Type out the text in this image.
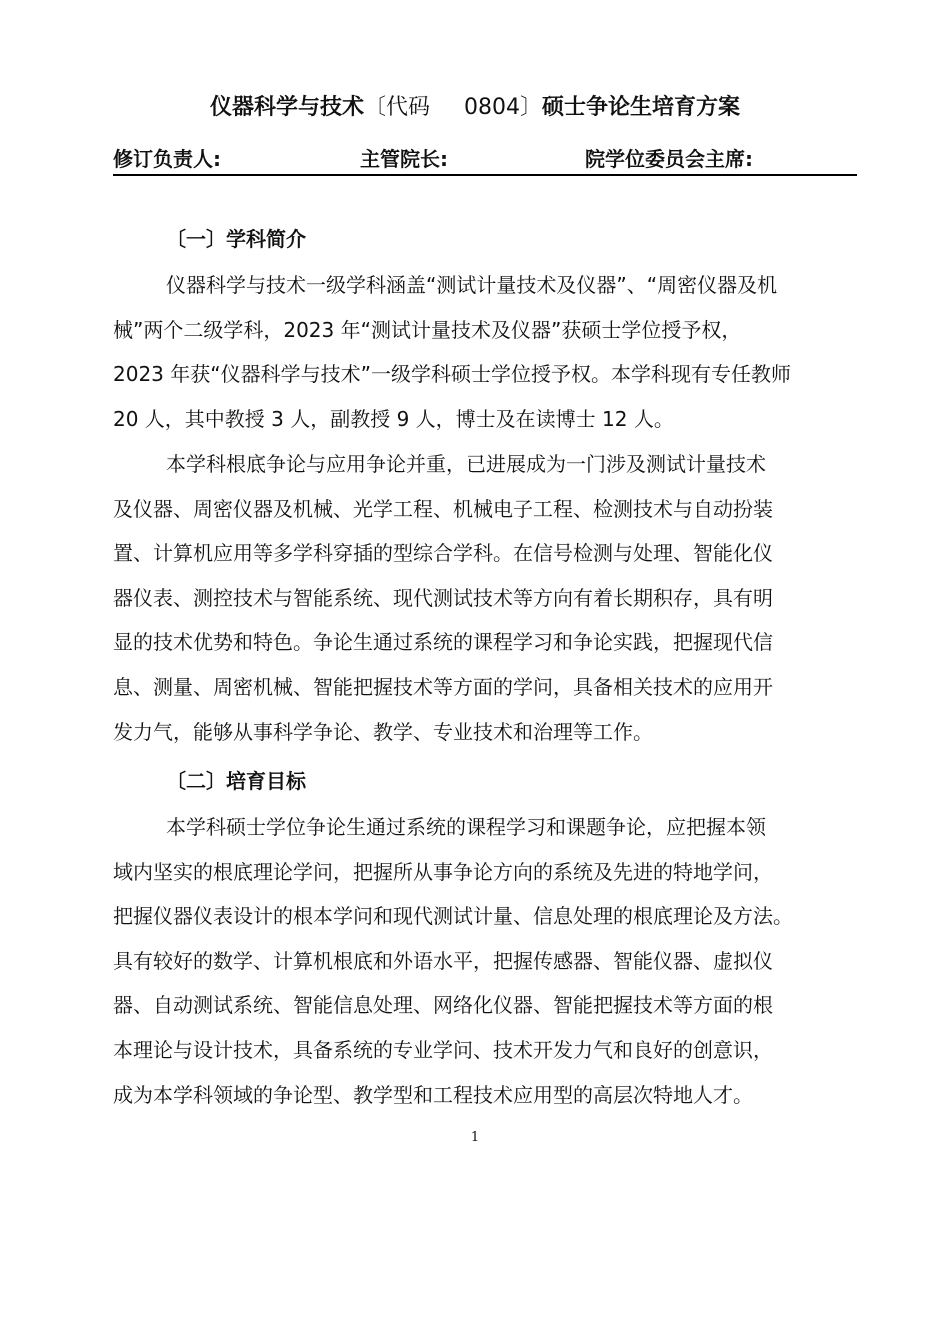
仪器科学与技术〔代码 0804〕硕士争论生培育方案
修订负责人:	主管院长:	院学位委员会主席:
〔一〕学科简介

仪器科学与技术一级学科涵盖“测试计量技术及仪器”、“周密仪器及机
械”两个二级学科，2023 年“测试计量技术及仪器”获硕士学位授予权，
2023 年获“仪器科学与技术”一级学科硕士学位授予权。本学科现有专任教师
20 人，其中教授 3 人，副教授 9 人，博士及在读博士 12 人。

本学科根底争论与应用争论并重，已进展成为一门涉及测试计量技术
及仪器、周密仪器及机械、光学工程、机械电子工程、检测技术与自动扮装
置、计算机应用等多学科穿插的型综合学科。在信号检测与处理、智能化仪
器仪表、测控技术与智能系统、现代测试技术等方向有着长期积存，具有明
显的技术优势和特色。争论生通过系统的课程学习和争论实践，把握现代信
息、测量、周密机械、智能把握技术等方面的学问，具备相关技术的应用开
发力气，能够从事科学争论、教学、专业技术和治理等工作。

〔二〕培育目标

本学科硕士学位争论生通过系统的课程学习和课题争论，应把握本领
域内坚实的根底理论学问，把握所从事争论方向的系统及先进的特地学问，
把握仪器仪表设计的根本学问和现代测试计量、信息处理的根底理论及方法。
具有较好的数学、计算机根底和外语水平，把握传感器、智能仪器、虚拟仪
器、自动测试系统、智能信息处理、网络化仪器、智能把握技术等方面的根
本理论与设计技术，具备系统的专业学问、技术开发力气和良好的创意识，
成为本学科领域的争论型、教学型和工程技术应用型的高层次特地人才。

1
